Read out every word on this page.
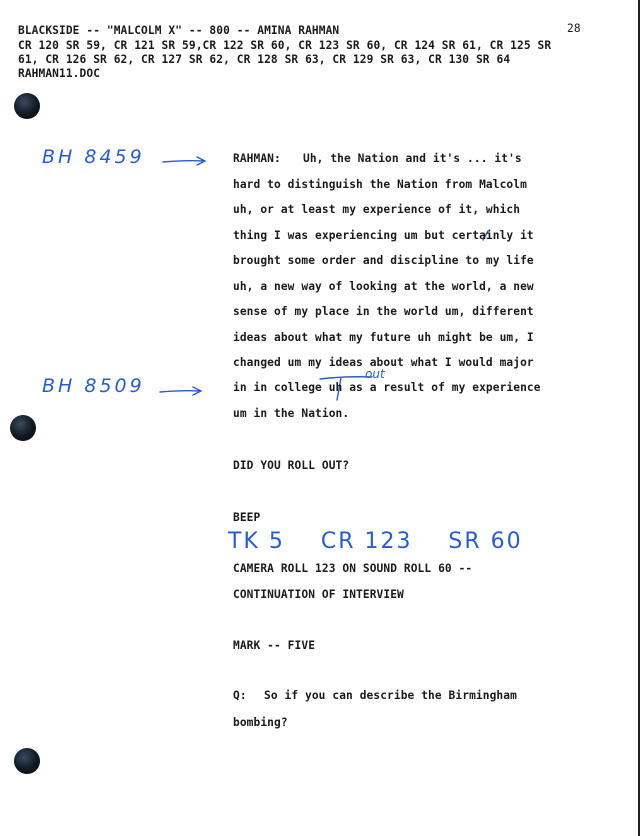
BLACKSIDE -- "MALCOLM X" -- 800 -- AMINA RAHMAN	28
CR 120 SR 59, CR 121 SR 59,CR 122 SR 60, CR 123 SR 60, CR 124 SR 61, CR 125 SR
61, CR 126 SR 62, CR 127 SR 62, CR 128 SR 63, CR 129 SR 63, CR 130 SR 64
RAHMAN11.DOC
BH 8459
BH 8509
out
TK 5    CR 123    SR 60
RAHMAN: Uh, the Nation and it's ... it's
hard to distinguish the Nation from Malcolm
uh, or at least my experience of it, which
thing I was experiencing um but certainly it
brought some order and discipline to my life
uh, a new way of looking at the world, a new
sense of my place in the world um, different
ideas about what my future uh might be um, I
changed um my ideas about what I would major
in in college uh as a result of my experience
um in the Nation.
DID YOU ROLL OUT?
BEEP
CAMERA ROLL 123 ON SOUND ROLL 60 --
CONTINUATION OF INTERVIEW
MARK -- FIVE
Q: So if you can describe the Birmingham
bombing?
